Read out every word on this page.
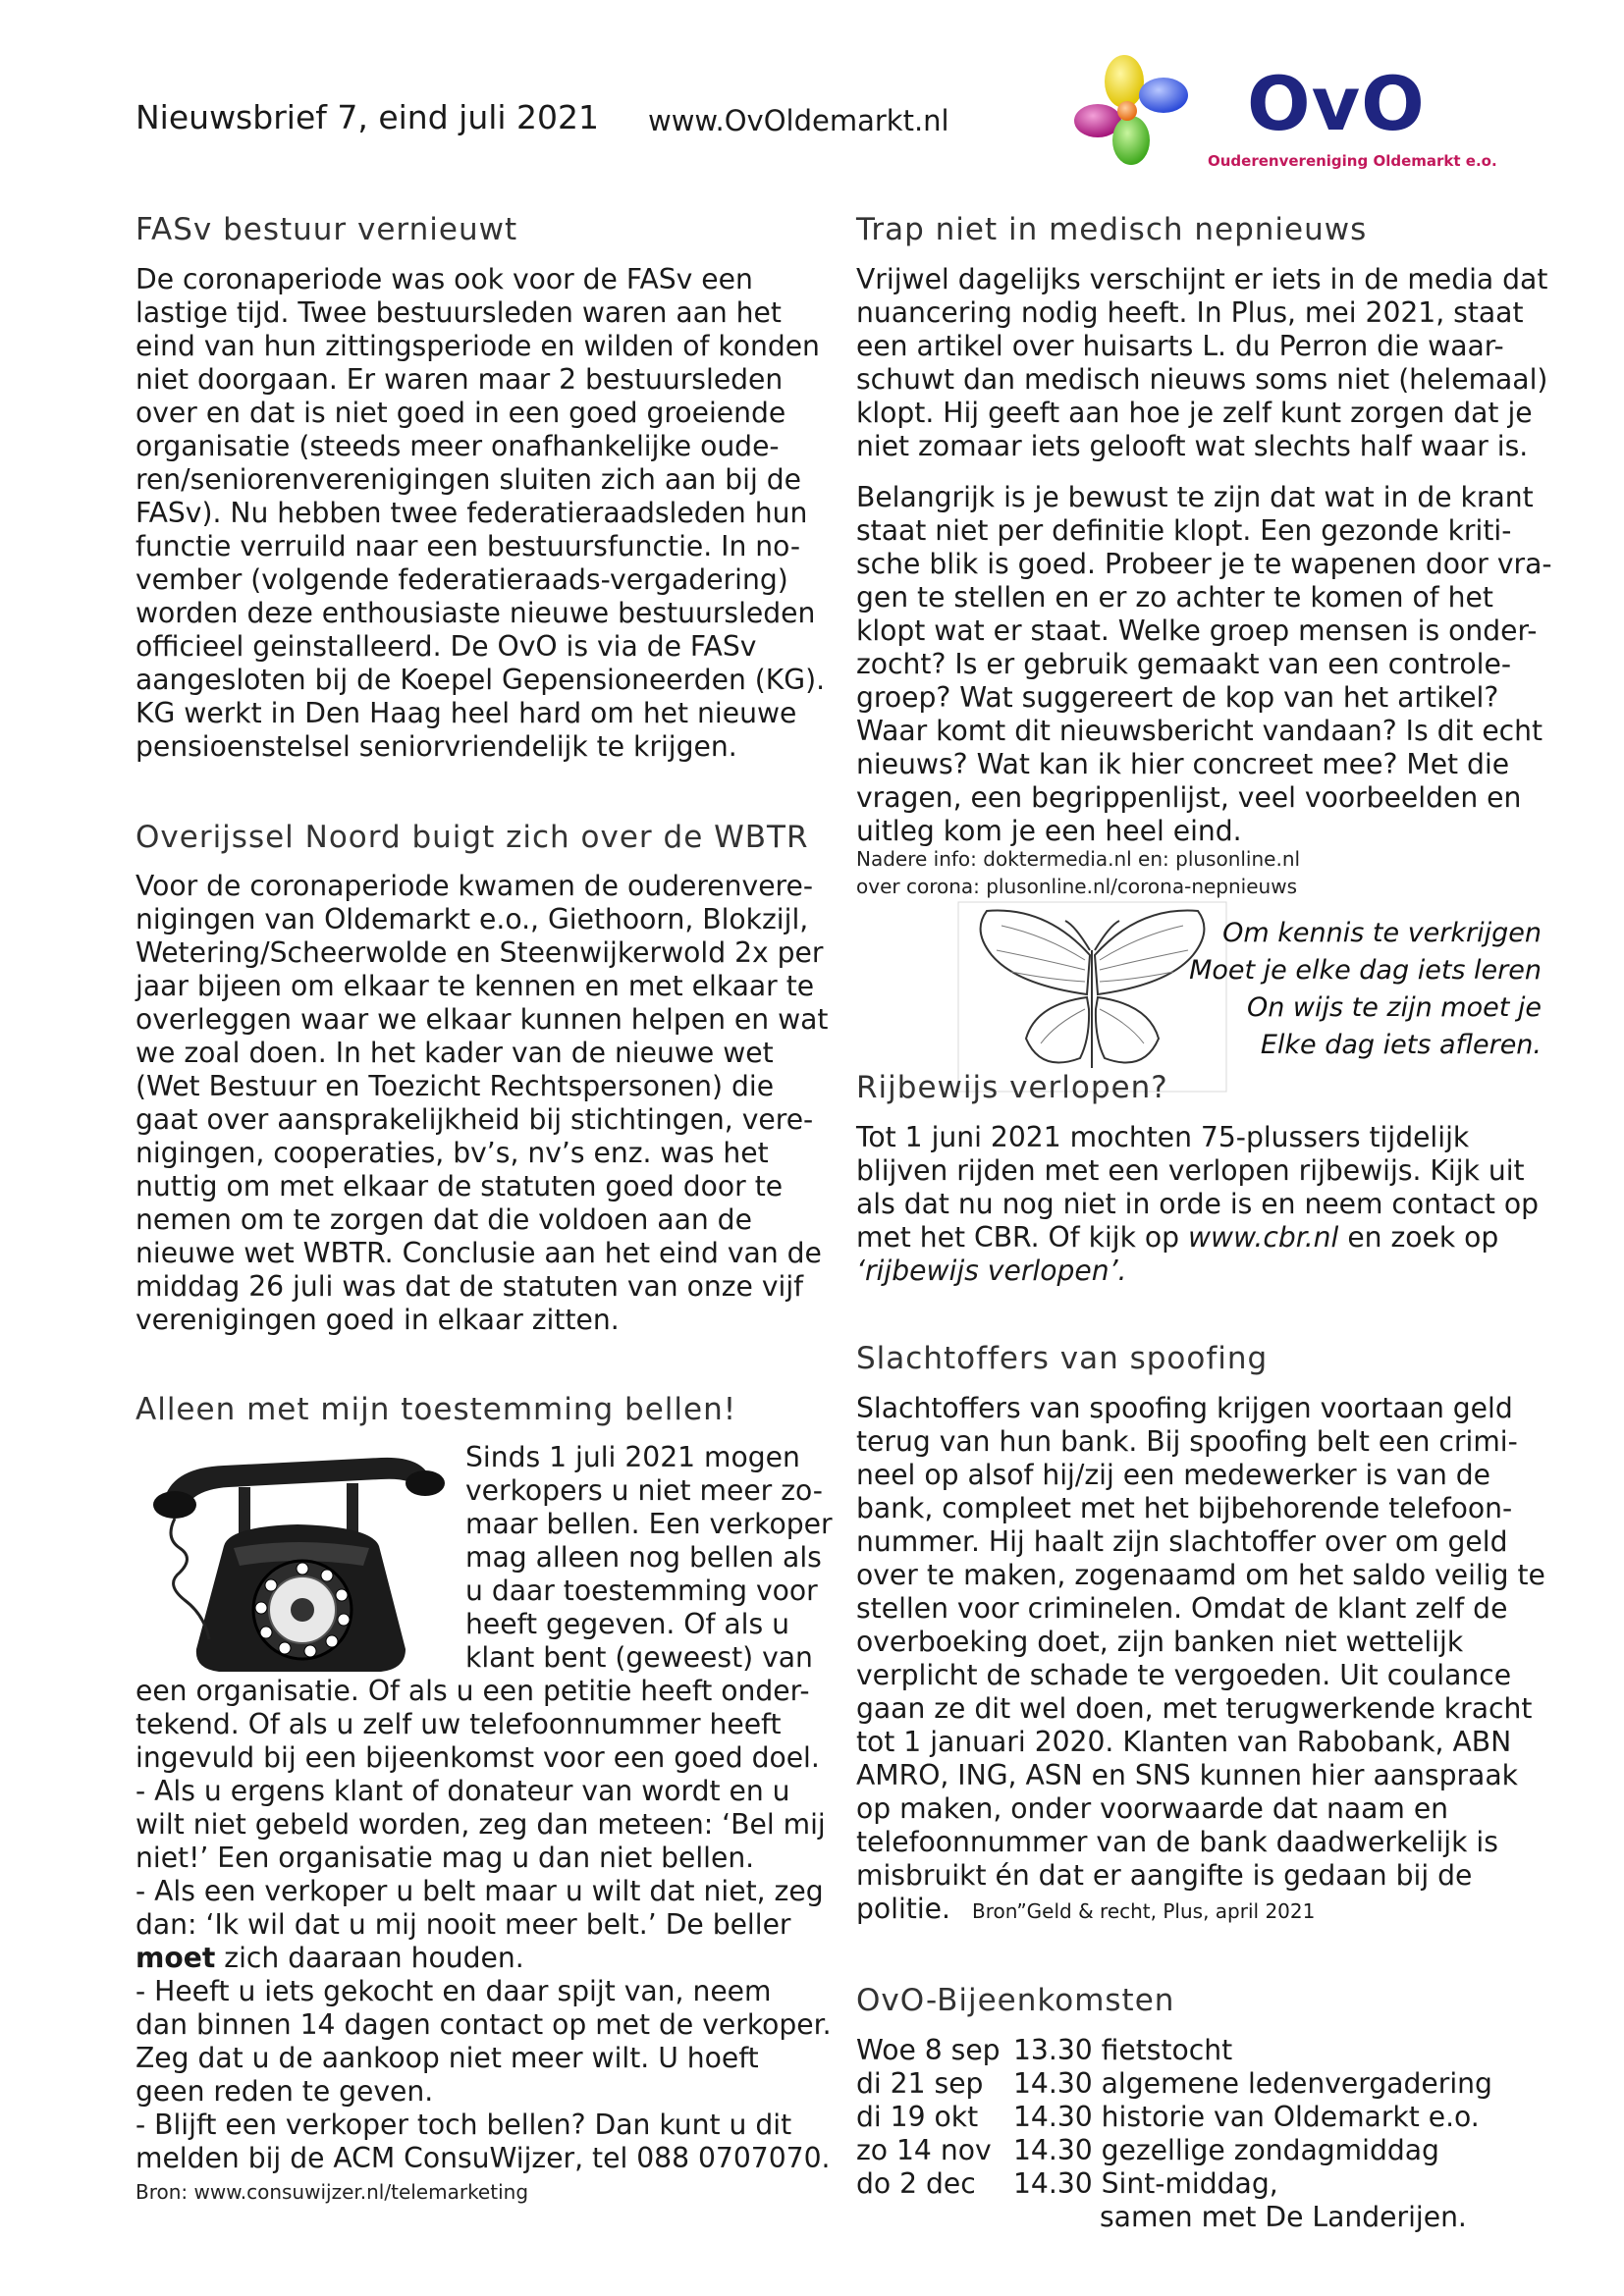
Nieuwsbrief 7, eind juli 2021 www.OvOldemarkt.nl	OvO
Ouderenvereniging Oldemarkt e.o.
FASv bestuur vernieuwt
De coronaperiode was ook voor de FASv een
lastige tijd. Twee bestuursleden waren aan het
eind van hun zittingsperiode en wilden of konden
niet doorgaan. Er waren maar 2 bestuursleden
over en dat is niet goed in een goed groeiende
organisatie (steeds meer onafhankelijke oude-
ren/seniorenverenigingen sluiten zich aan bij de
FASv). Nu hebben twee federatieraadsleden hun
functie verruild naar een bestuursfunctie. In no-
vember (volgende federatieraads-vergadering)
worden deze enthousiaste nieuwe bestuursleden
officieel geinstalleerd. De OvO is via de FASv
aangesloten bij de Koepel Gepensioneerden (KG).
KG werkt in Den Haag heel hard om het nieuwe
pensioenstelsel seniorvriendelijk te krijgen.
Overijssel Noord buigt zich over de WBTR
Voor de coronaperiode kwamen de ouderenvere-
nigingen van Oldemarkt e.o., Giethoorn, Blokzijl,
Wetering/Scheerwolde en Steenwijkerwold 2x per
jaar bijeen om elkaar te kennen en met elkaar te
overleggen waar we elkaar kunnen helpen en wat
we zoal doen. In het kader van de nieuwe wet
(Wet Bestuur en Toezicht Rechtspersonen) die
gaat over aansprakelijkheid bij stichtingen, vere-
nigingen, cooperaties, bv’s, nv’s enz. was het
nuttig om met elkaar de statuten goed door te
nemen om te zorgen dat die voldoen aan de
nieuwe wet WBTR. Conclusie aan het eind van de
middag 26 juli was dat de statuten van onze vijf
verenigingen goed in elkaar zitten.
Alleen met mijn toestemming bellen!
Sinds 1 juli 2021 mogen
verkopers u niet meer zo-
maar bellen. Een verkoper
mag alleen nog bellen als
u daar toestemming voor
heeft gegeven. Of als u
klant bent (geweest) van
een organisatie. Of als u een petitie heeft onder-
tekend. Of als u zelf uw telefoonnummer heeft
ingevuld bij een bijeenkomst voor een goed doel.
- Als u ergens klant of donateur van wordt en u
wilt niet gebeld worden, zeg dan meteen: ‘Bel mij
niet!’ Een organisatie mag u dan niet bellen.
- Als een verkoper u belt maar u wilt dat niet, zeg
dan: ‘Ik wil dat u mij nooit meer belt.’ De beller
moet zich daaraan houden.
- Heeft u iets gekocht en daar spijt van, neem
dan binnen 14 dagen contact op met de verkoper.
Zeg dat u de aankoop niet meer wilt. U hoeft
geen reden te geven.
- Blijft een verkoper toch bellen? Dan kunt u dit
melden bij de ACM ConsuWijzer, tel 088 0707070.
Bron: www.consuwijzer.nl/telemarketing
Trap niet in medisch nepnieuws
Vrijwel dagelijks verschijnt er iets in de media dat
nuancering nodig heeft. In Plus, mei 2021, staat
een artikel over huisarts L. du Perron die waar-
schuwt dan medisch nieuws soms niet (helemaal)
klopt. Hij geeft aan hoe je zelf kunt zorgen dat je
niet zomaar iets gelooft wat slechts half waar is.
Belangrijk is je bewust te zijn dat wat in de krant
staat niet per definitie klopt. Een gezonde kriti-
sche blik is goed. Probeer je te wapenen door vra-
gen te stellen en er zo achter te komen of het
klopt wat er staat. Welke groep mensen is onder-
zocht? Is er gebruik gemaakt van een controle-
groep? Wat suggereert de kop van het artikel?
Waar komt dit nieuwsbericht vandaan? Is dit echt
nieuws? Wat kan ik hier concreet mee? Met die
vragen, een begrippenlijst, veel voorbeelden en
uitleg kom je een heel eind.
Nadere info: doktermedia.nl en: plusonline.nl
over corona: plusonline.nl/corona-nepnieuws
Om kennis te verkrijgen
Moet je elke dag iets leren
On wijs te zijn moet je
Elke dag iets afleren.
Rijbewijs verlopen?
Tot 1 juni 2021 mochten 75-plussers tijdelijk
blijven rijden met een verlopen rijbewijs. Kijk uit
als dat nu nog niet in orde is en neem contact op
met het CBR. Of kijk op www.cbr.nl en zoek op
‘rijbewijs verlopen’.
Slachtoffers van spoofing
Slachtoffers van spoofing krijgen voortaan geld
terug van hun bank. Bij spoofing belt een crimi-
neel op alsof hij/zij een medewerker is van de
bank, compleet met het bijbehorende telefoon-
nummer. Hij haalt zijn slachtoffer over om geld
over te maken, zogenaamd om het saldo veilig te
stellen voor criminelen. Omdat de klant zelf de
overboeking doet, zijn banken niet wettelijk
verplicht de schade te vergoeden. Uit coulance
gaan ze dit wel doen, met terugwerkende kracht
tot 1 januari 2020. Klanten van Rabobank, ABN
AMRO, ING, ASN en SNS kunnen hier aanspraak
op maken, onder voorwaarde dat naam en
telefoonnummer van de bank daadwerkelijk is
misbruikt én dat er aangifte is gedaan bij de
politie. Bron”Geld & recht, Plus, april 2021
OvO-Bijeenkomsten
Woe 8 sep	13.30 fietstocht
di 21 sep	14.30 algemene ledenvergadering
di 19 okt	14.30 historie van Oldemarkt e.o.
zo 14 nov	14.30 gezellige zondagmiddag
do 2 dec	14.30 Sint-middag,
	samen met De Landerijen.
